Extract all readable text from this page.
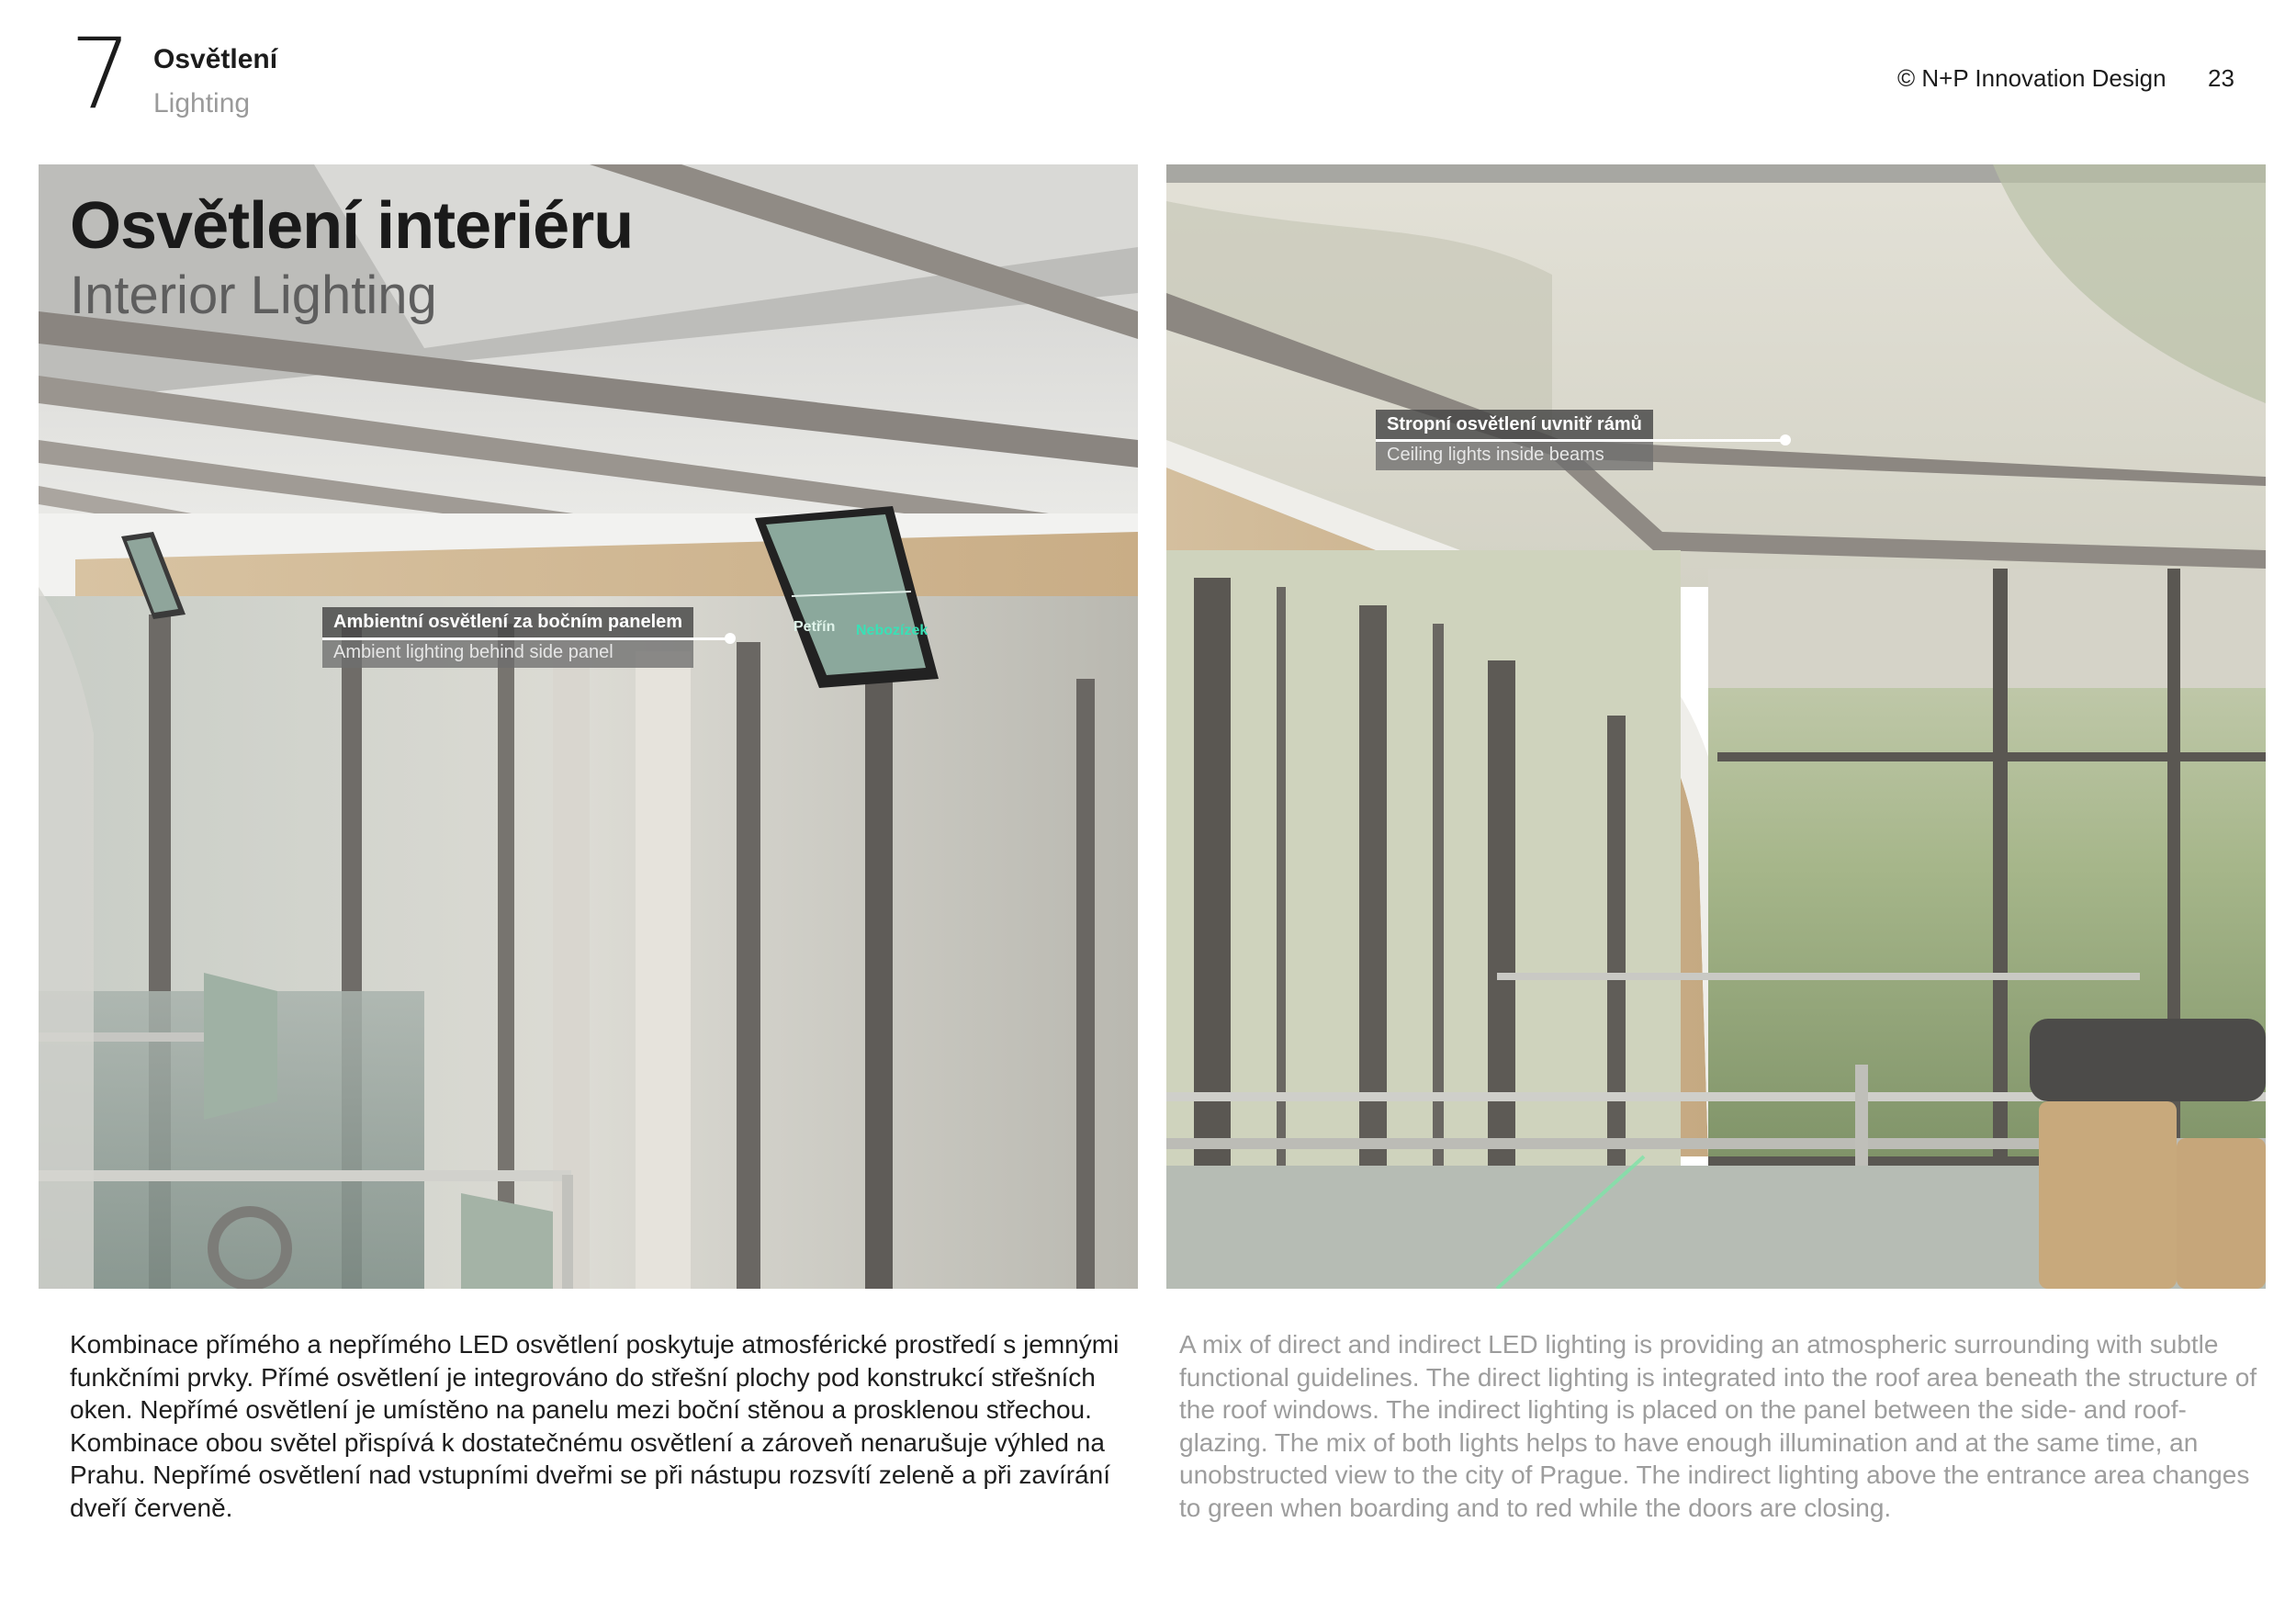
7 Osvětlení
Lighting
© N+P Innovation Design 23
Petřín Nebozízek
Osvětlení interiéru
Interior Lighting
Ambientní osvětlení za bočním panelem
Ambient lighting behind side panel
Stropní osvětlení uvnitř rámů
Ceiling lights inside beams
Kombinace přímého a nepřímého LED osvětlení poskytuje atmosférické prostředí s jemnými funkčními prvky. Přímé osvětlení je integrováno do střešní plochy pod konstrukcí střešních oken. Nepřímé osvětlení je umístěno na panelu mezi boční stěnou a prosklenou střechou. Kombinace obou světel přispívá k dostatečnému osvětlení a zároveň nenarušuje výhled na Prahu. Nepřímé osvětlení nad vstupními dveřmi se při nástupu rozsvítí zeleně a při zavírání dveří červeně.
A mix of direct and indirect LED lighting is providing an atmospheric surrounding with subtle functional guidelines. The direct lighting is integrated into the roof area beneath the structure of the roof windows. The indirect lighting is placed on the panel between the side- and roof-glazing. The mix of both lights helps to have enough illumination and at the same time, an unobstructed view to the city of Prague. The indirect lighting above the entrance area changes to green when boarding and to red while the doors are closing.
